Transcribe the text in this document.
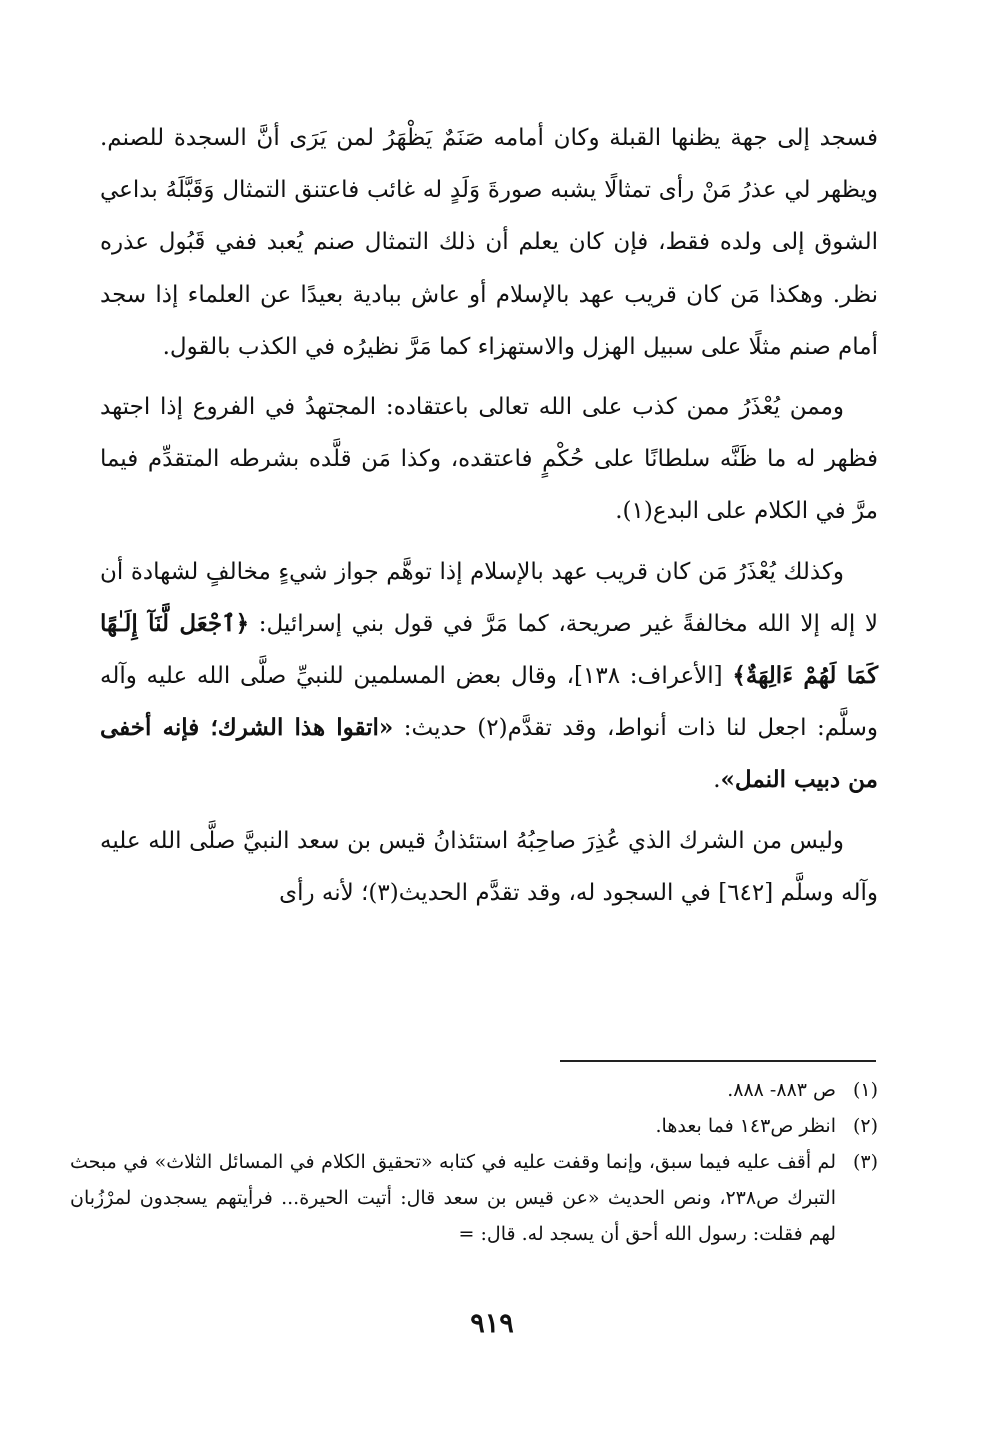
فسجد إلى جهة يظنها القبلة وكان أمامه صَنَمٌ يَظْهَرُ لمن يَرَى أنَّ السجدة للصنم. ويظهر لي عذرُ مَنْ رأى تمثالًا يشبه صورةَ وَلَدٍ له غائب فاعتنق التمثال وَقَبَّلَهُ بداعي الشوق إلى ولده فقط، فإن كان يعلم أن ذلك التمثال صنم يُعبد ففي قَبُول عذره نظر. وهكذا مَن كان قريب عهد بالإسلام أو عاش ببادية بعيدًا عن العلماء إذا سجد أمام صنم مثلًا على سبيل الهزل والاستهزاء كما مَرَّ نظيرُه في الكذب بالقول.

وممن يُعْذَرُ ممن كذب على الله تعالى باعتقاده: المجتهدُ في الفروع إذا اجتهد فظهر له ما ظَنَّه سلطانًا على حُكْمٍ فاعتقده، وكذا مَن قلَّده بشرطه المتقدِّم فيما مرَّ في الكلام على البدع(١).

وكذلك يُعْذَرُ مَن كان قريب عهد بالإسلام إذا توهَّم جواز شيءٍ مخالفٍ لشهادة أن لا إله إلا الله مخالفةً غير صريحة، كما مَرَّ في قول بني إسرائيل: ﴿ٱجْعَل لَّنَآ إِلَـٰهًا كَمَا لَهُمْ ءَالِهَةٌ﴾ [الأعراف: ١٣٨]، وقال بعض المسلمين للنبيِّ صلَّى الله عليه وآله وسلَّم: اجعل لنا ذات أنواط، وقد تقدَّم(٢) حديث: «اتقوا هذا الشرك؛ فإنه أخفى من دبيب النمل».

وليس من الشرك الذي عُذِرَ صاحِبُهُ استئذانُ قيس بن سعد النبيَّ صلَّى الله عليه وآله وسلَّم [٦٤٢] في السجود له، وقد تقدَّم الحديث(٣)؛ لأنه رأى

(١)
ص ٨٨٣- ٨٨٨.
(٢)
انظر ص١٤٣ فما بعدها.
(٣)
لم أقف عليه فيما سبق، وإنما وقفت عليه في كتابه «تحقيق الكلام في المسائل الثلاث» في مبحث التبرك ص٢٣٨، ونص الحديث «عن قيس بن سعد قال: أتيت الحيرة... فرأيتهم يسجدون لمرْزُبان لهم فقلت: رسول الله أحق أن يسجد له. قال: =
٩١٩
